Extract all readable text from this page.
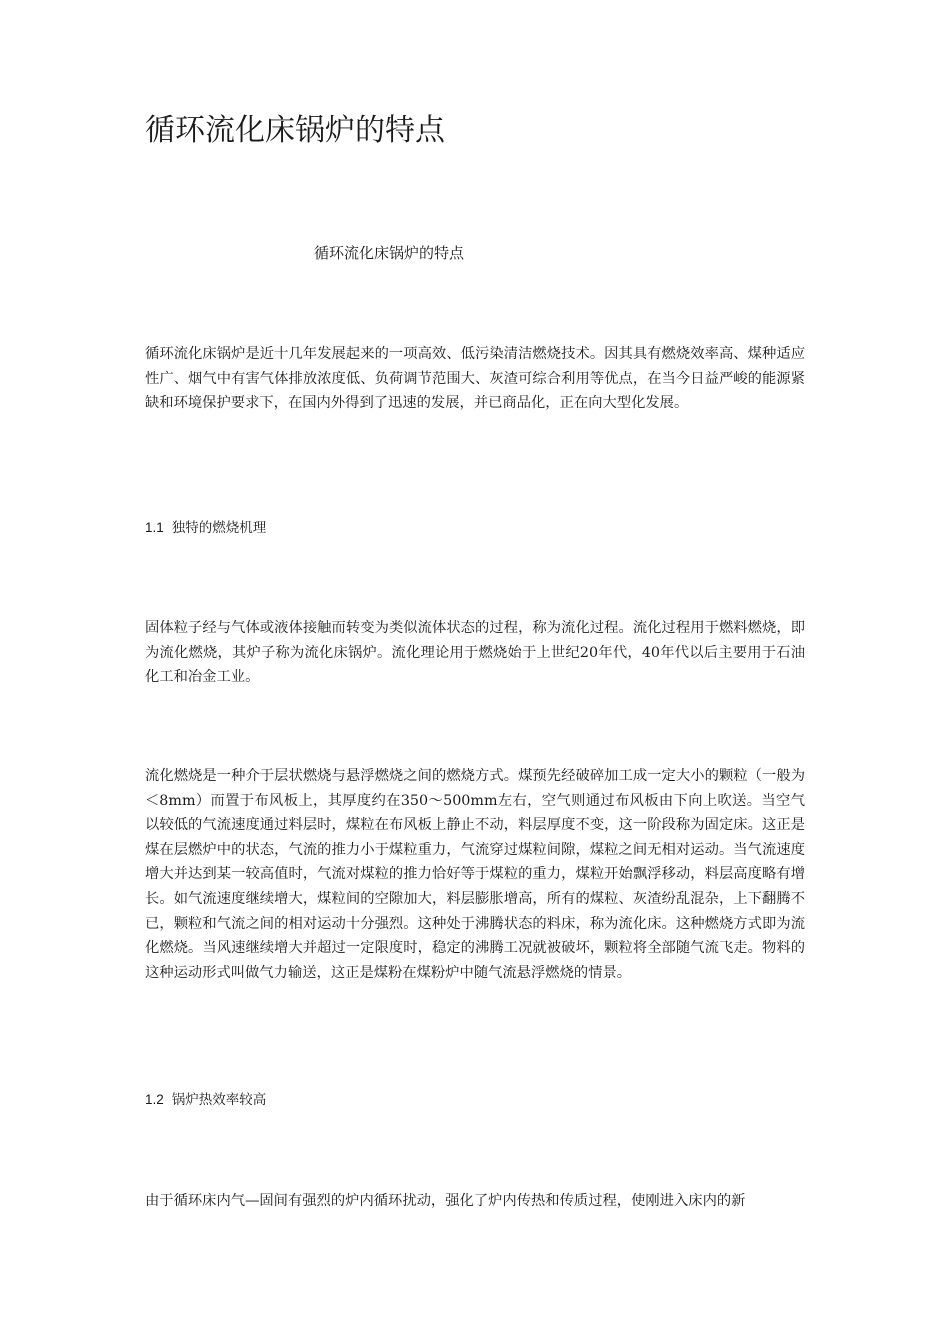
循环流化床锅炉的特点

循环流化床锅炉的特点

循环流化床锅炉是近十几年发展起来的一项高效、低污染清洁燃烧技术。因其具有燃烧效率高、煤种适应性广、烟气中有害气体排放浓度低、负荷调节范围大、灰渣可综合利用等优点，在当今日益严峻的能源紧缺和环境保护要求下，在国内外得到了迅速的发展，并已商品化，正在向大型化发展。

1.1 独特的燃烧机理

固体粒子经与气体或液体接触而转变为类似流体状态的过程，称为流化过程。流化过程用于燃料燃烧，即为流化燃烧，其炉子称为流化床锅炉。流化理论用于燃烧始于上世纪20年代，40年代以后主要用于石油化工和冶金工业。

流化燃烧是一种介于层状燃烧与悬浮燃烧之间的燃烧方式。煤预先经破碎加工成一定大小的颗粒（一般为＜8mm）而置于布风板上，其厚度约在350～500mm左右，空气则通过布风板由下向上吹送。当空气以较低的气流速度通过料层时，煤粒在布风板上静止不动，料层厚度不变，这一阶段称为固定床。这正是煤在层燃炉中的状态，气流的推力小于煤粒重力，气流穿过煤粒间隙，煤粒之间无相对运动。当气流速度增大并达到某一较高值时，气流对煤粒的推力恰好等于煤粒的重力，煤粒开始飘浮移动，料层高度略有增长。如气流速度继续增大，煤粒间的空隙加大，料层膨胀增高，所有的煤粒、灰渣纷乱混杂，上下翻腾不已，颗粒和气流之间的相对运动十分强烈。这种处于沸腾状态的料床，称为流化床。这种燃烧方式即为流化燃烧。当风速继续增大并超过一定限度时，稳定的沸腾工况就被破坏，颗粒将全部随气流飞走。物料的这种运动形式叫做气力输送，这正是煤粉在煤粉炉中随气流悬浮燃烧的情景。

1.2 锅炉热效率较高

由于循环床内气—固间有强烈的炉内循环扰动，强化了炉内传热和传质过程，使刚进入床内的新
